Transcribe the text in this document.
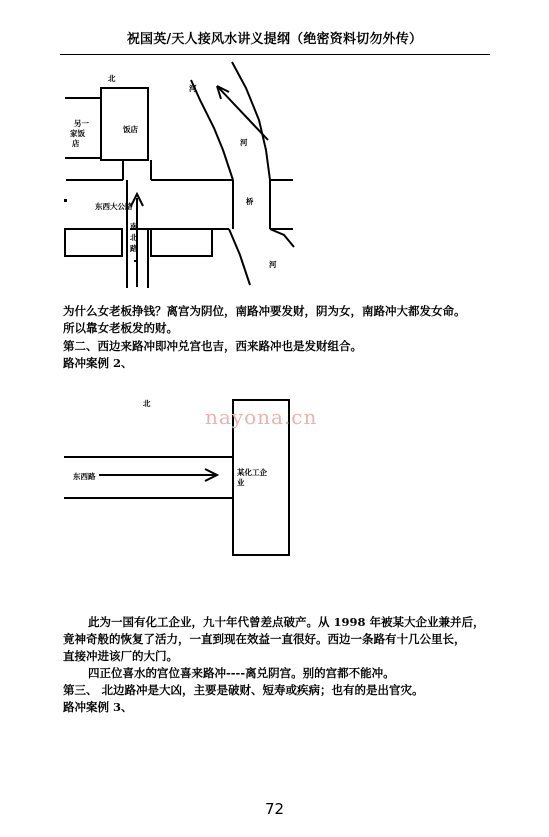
祝国英/天人接风水讲义提纲（绝密资料切勿外传）
北
河
河
河
另一
家饭
店
饭店
东西大公路
南
北
路
桥
为什么女老板挣钱？离宫为阴位，南路冲要发财，阴为女，南路冲大都发女命。
所以靠女老板发的财。
第二、西边来路冲即冲兑宫也吉，西来路冲也是发财组合。
路冲案例 2、
北
东西路	某化工企
业
nayona.cn
此为一国有化工企业，九十年代曾差点破产。从 1998 年被某大企业兼并后，
竟神奇般的恢复了活力，一直到现在效益一直很好。西边一条路有十几公里长，
直接冲进该厂的大门。
四正位喜水的宫位喜来路冲----离兑阴宫。别的宫都不能冲。
第三、 北边路冲是大凶，主要是破财、短寿或疾病；也有的是出官灾。
路冲案例 3、
72
